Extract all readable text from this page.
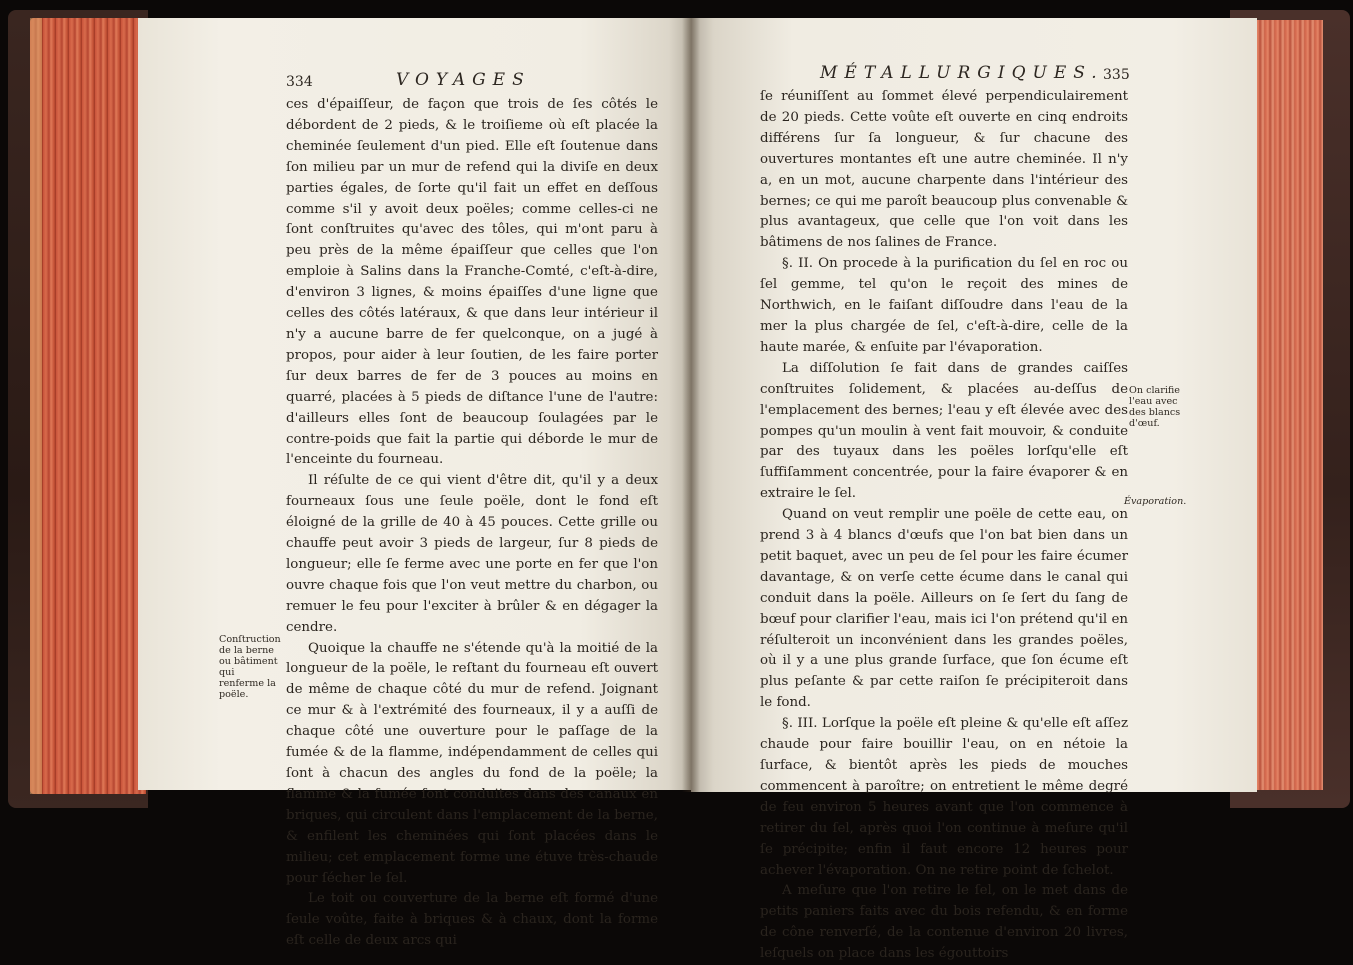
334	VOYAGES

ces d'épaiſſeur, de façon que trois de ſes côtés le débordent de 2 pieds, & le troiſieme où eſt placée la cheminée ſeulement d'un pied. Elle eſt ſoutenue dans ſon milieu par un mur de refend qui la diviſe en deux parties égales, de ſorte qu'il fait un effet en deſſous comme s'il y avoit deux poëles; comme celles-ci ne ſont conſtruites qu'avec des tôles, qui m'ont paru à peu près de la même épaiſſeur que celles que l'on emploie à Salins dans la Franche-Comté, c'eſt-à-dire, d'environ 3 lignes, & moins épaiſſes d'une ligne que celles des côtés latéraux, & que dans leur intérieur il n'y a aucune barre de fer quelconque, on a jugé à propos, pour aider à leur ſoutien, de les faire porter ſur deux barres de fer de 3 pouces au moins en quarré, placées à 5 pieds de diſtance l'une de l'autre: d'ailleurs elles ſont de beaucoup ſoulagées par le contre-poids que fait la partie qui déborde le mur de l'enceinte du fourneau.

Il réſulte de ce qui vient d'être dit, qu'il y a deux fourneaux ſous une ſeule poële, dont le fond eſt éloigné de la grille de 40 à 45 pouces. Cette grille ou chauffe peut avoir 3 pieds de largeur, ſur 8 pieds de longueur; elle ſe ferme avec une porte en fer que l'on ouvre chaque fois que l'on veut mettre du charbon, ou remuer le feu pour l'exciter à brûler & en dégager la cendre.

Quoique la chauffe ne s'étende qu'à la moitié de la longueur de la poële, le reſtant du fourneau eſt ouvert de même de chaque côté du mur de refend. Joignant ce mur & à l'extrémité des fourneaux, il y a auſſi de chaque côté une ouverture pour le paſſage de la fumée & de la flamme, indépendamment de celles qui ſont à chacun des angles du fond de la poële; la flamme & la fumée ſont conduites dans des canaux en briques, qui circulent dans l'emplacement de la berne, & enfilent les cheminées qui ſont placées dans le milieu; cet emplacement forme une étuve très-chaude pour ſécher le ſel.

Le toit ou couverture de la berne eſt formé d'une ſeule voûte, faite à briques & à chaux, dont la forme eſt celle de deux arcs qui

Conſtruction de la berne ou bâtiment qui renferme la poële.
MÉTALLURGIQUES. 335

ſe réuniſſent au ſommet élevé perpendiculairement de 20 pieds. Cette voûte eſt ouverte en cinq endroits différens ſur ſa longueur, & ſur chacune des ouvertures montantes eſt une autre cheminée. Il n'y a, en un mot, aucune charpente dans l'intérieur des bernes; ce qui me paroît beaucoup plus convenable & plus avantageux, que celle que l'on voit dans les bâtimens de nos ſalines de France.

§. II. On procede à la purification du ſel en roc ou ſel gemme, tel qu'on le reçoit des mines de Northwich, en le faiſant diſſoudre dans l'eau de la mer la plus chargée de ſel, c'eſt-à-dire, celle de la haute marée, & enſuite par l'évaporation.

La diſſolution ſe fait dans de grandes caiſſes conſtruites ſolidement, & placées au-deſſus de l'emplacement des bernes; l'eau y eſt élevée avec des pompes qu'un moulin à vent fait mouvoir, & conduite par des tuyaux dans les poëles lorſqu'elle eſt ſuffiſamment concentrée, pour la faire évaporer & en extraire le ſel.

Quand on veut remplir une poële de cette eau, on prend 3 à 4 blancs d'œufs que l'on bat bien dans un petit baquet, avec un peu de ſel pour les faire écumer davantage, & on verſe cette écume dans le canal qui conduit dans la poële. Ailleurs on ſe ſert du ſang de bœuf pour clarifier l'eau, mais ici l'on prétend qu'il en réſulteroit un inconvénient dans les grandes poëles, où il y a une plus grande ſurface, que ſon écume eſt plus peſante & par cette raiſon ſe précipiteroit dans le fond.

§. III. Lorſque la poële eſt pleine & qu'elle eſt aſſez chaude pour faire bouillir l'eau, on en nétoie la ſurface, & bientôt après les pieds de mouches commencent à paroître; on entretient le même degré de feu environ 5 heures avant que l'on commence à retirer du ſel, après quoi l'on continue à meſure qu'il ſe précipite; enfin il faut encore 12 heures pour achever l'évaporation. On ne retire point de ſchelot.

A meſure que l'on retire le ſel, on le met dans de petits paniers faits avec du bois refendu, & en forme de cône renverſé, de la contenue d'environ 20 livres, leſquels on place dans les égouttoirs

On clarifie l'eau avec des blancs d'œuf.
Évaporation.
